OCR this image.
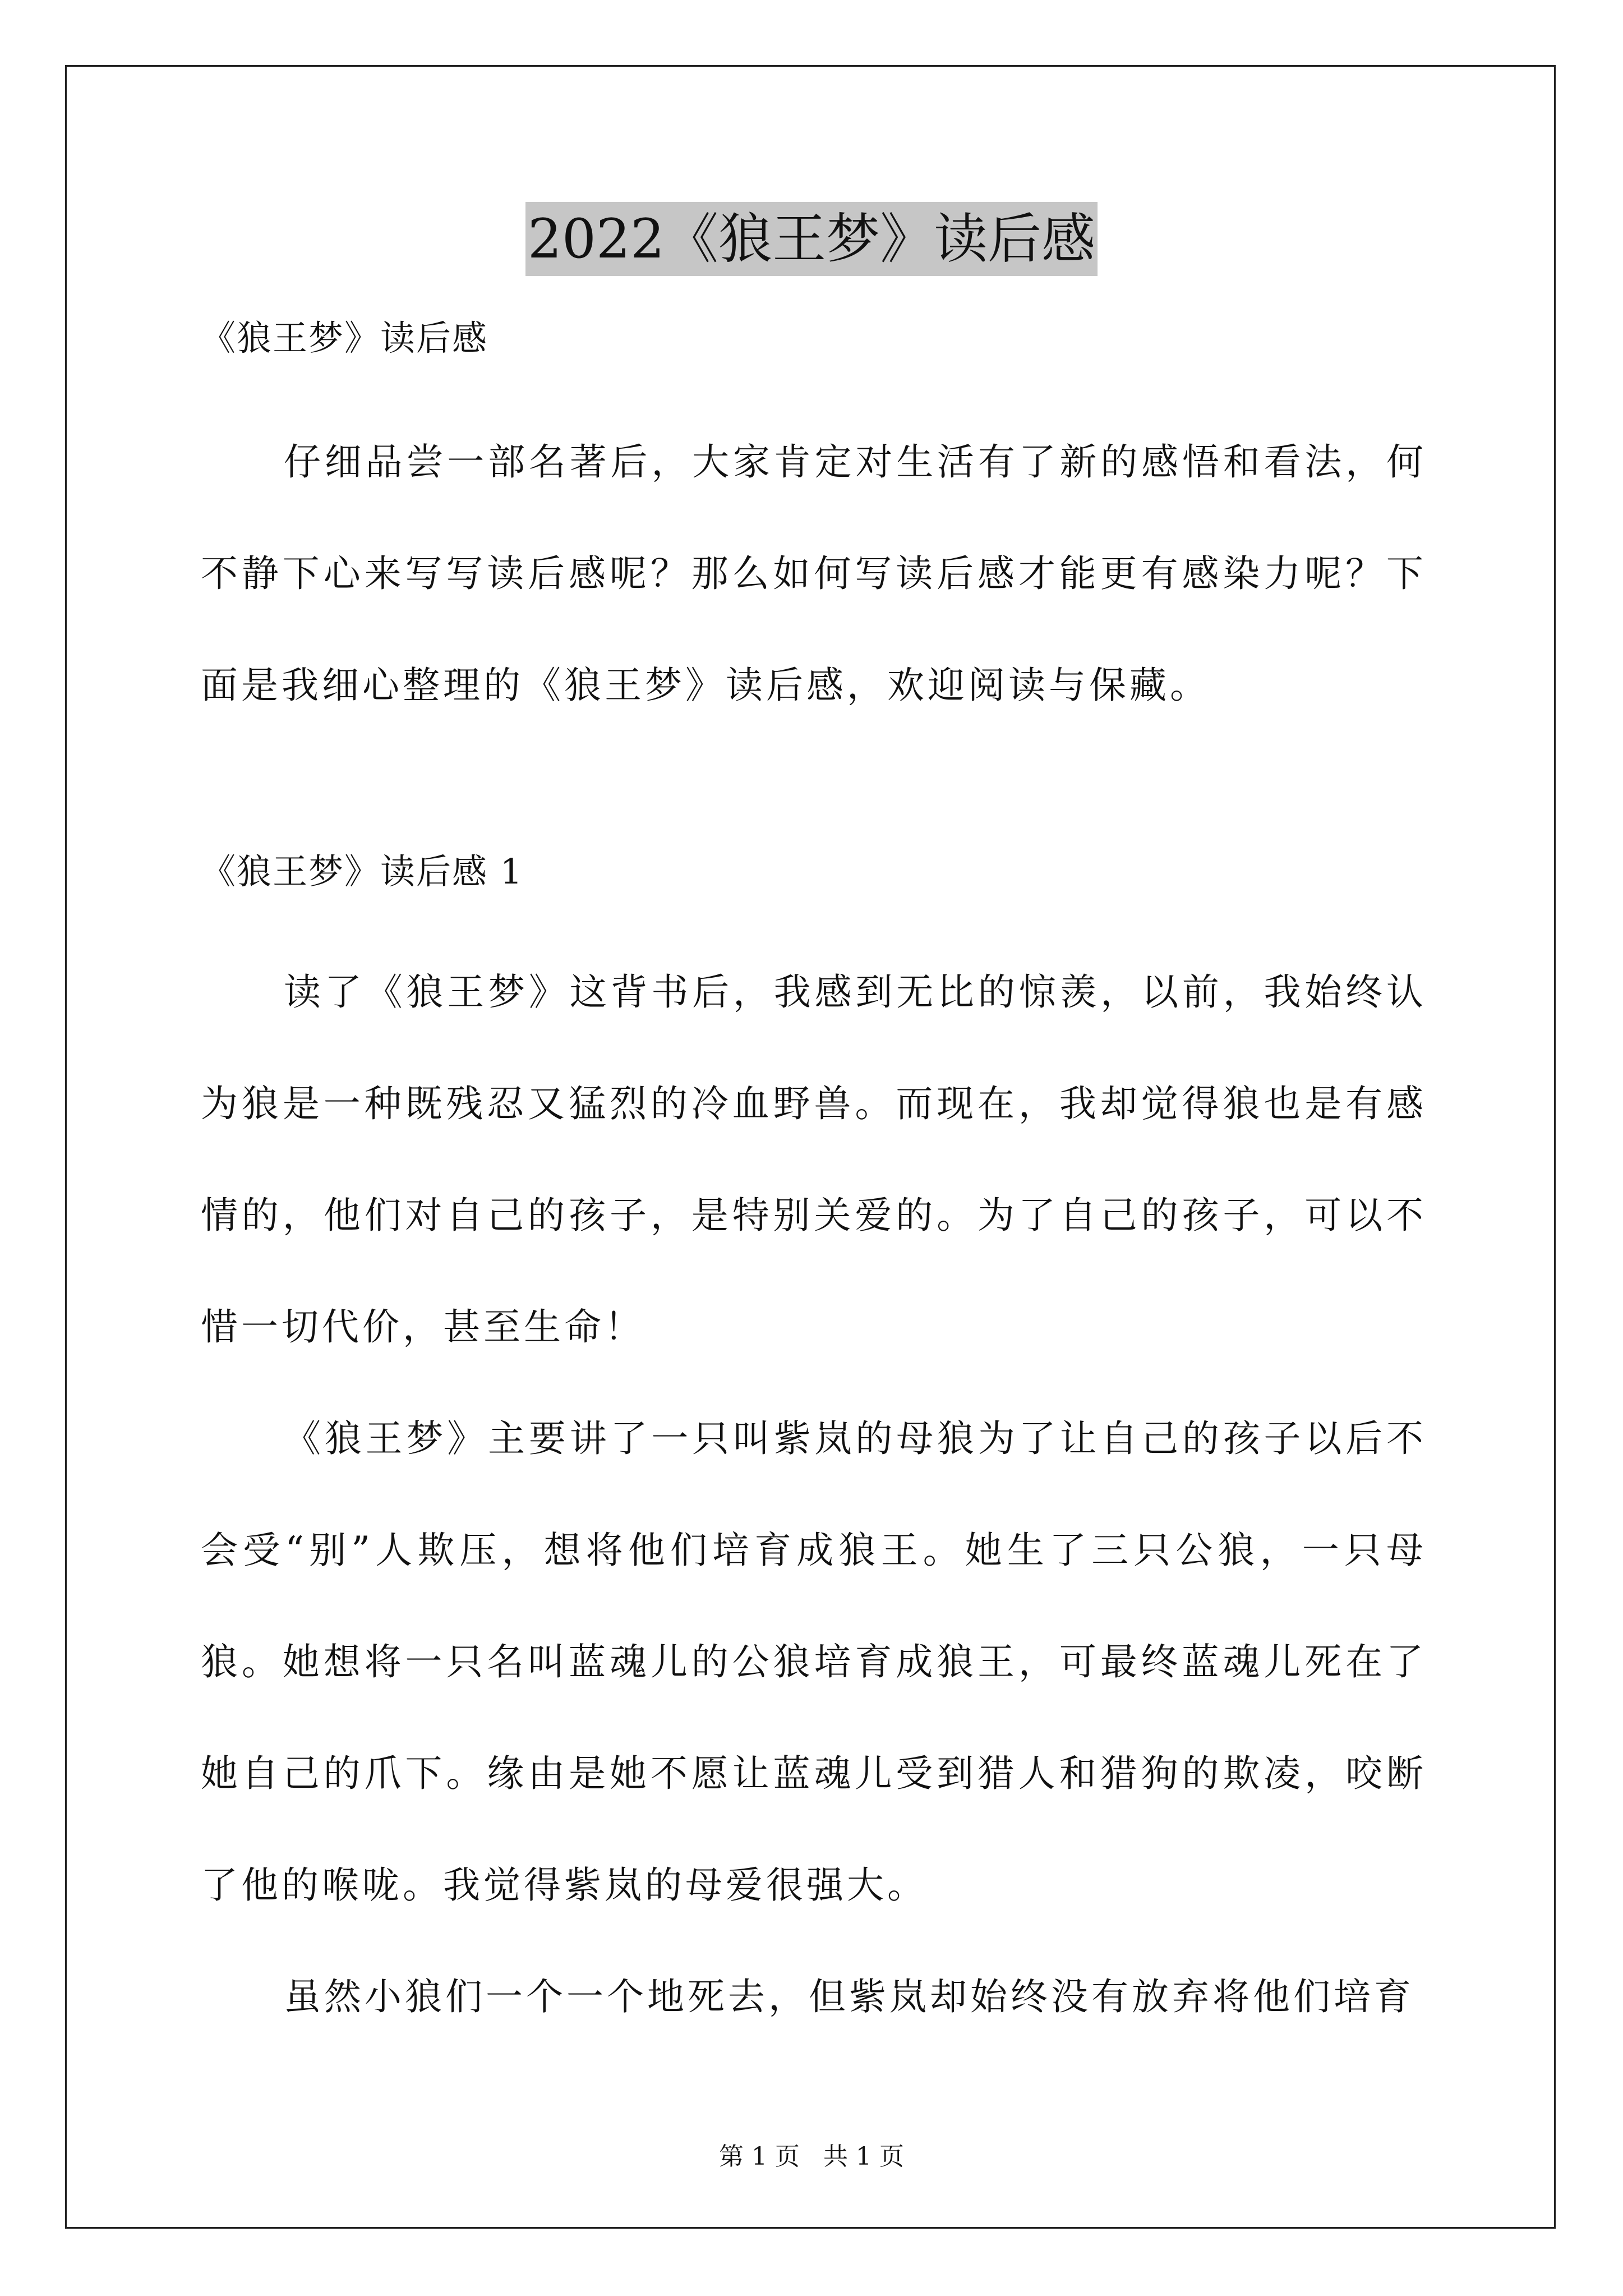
2022《狼王梦》读后感

《狼王梦》读后感

仔细品尝一部名著后，大家肯定对生活有了新的感悟和看法，何不静下心来写写读后感呢？那么如何写读后感才能更有感染力呢？下面是我细心整理的《狼王梦》读后感，欢迎阅读与保藏。

《狼王梦》读后感 1

读了《狼王梦》这背书后，我感到无比的惊羡，以前，我始终认为狼是一种既残忍又猛烈的冷血野兽。而现在，我却觉得狼也是有感情的，他们对自己的孩子，是特别关爱的。为了自己的孩子，可以不惜一切代价，甚至生命！

《狼王梦》主要讲了一只叫紫岚的母狼为了让自己的孩子以后不会受“别”人欺压，想将他们培育成狼王。她生了三只公狼，一只母狼。她想将一只名叫蓝魂儿的公狼培育成狼王，可最终蓝魂儿死在了她自己的爪下。缘由是她不愿让蓝魂儿受到猎人和猎狗的欺凌，咬断了他的喉咙。我觉得紫岚的母爱很强大。

虽然小狼们一个一个地死去，但紫岚却始终没有放弃将他们培育

第 1 页 共 1 页
